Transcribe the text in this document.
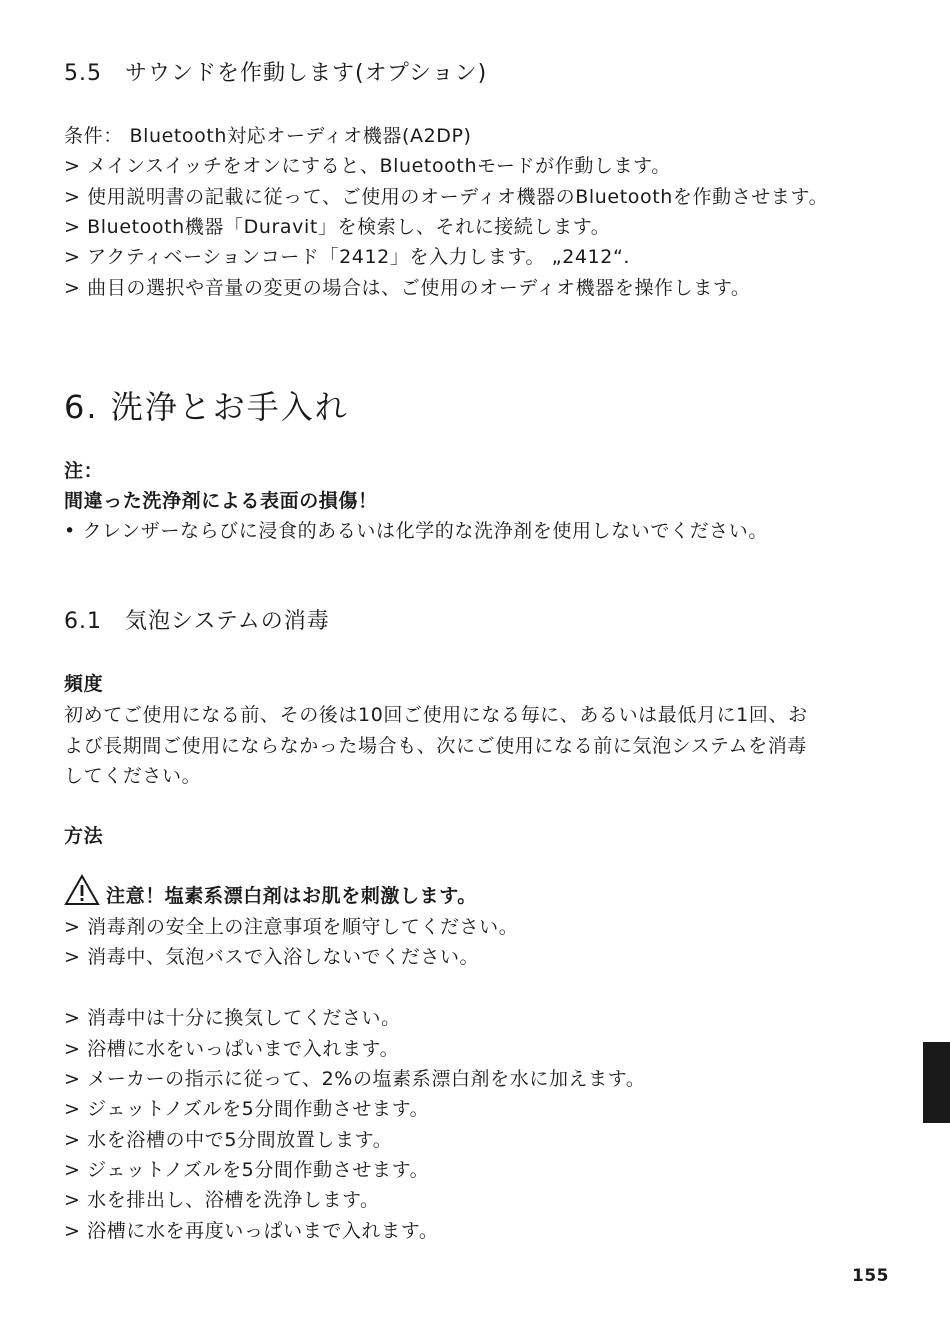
5.5　サウンドを作動します(オプション)
条件： Bluetooth対応オーディオ機器(A2DP)
> メインスイッチをオンにすると、Bluetoothモードが作動します。
> 使用説明書の記載に従って、ご使用のオーディオ機器のBluetoothを作動させます。
> Bluetooth機器「Duravit」を検索し、それに接続します。
> アクティベーションコード「2412」を入力します。 „2412“.
> 曲目の選択や音量の変更の場合は、ご使用のオーディオ機器を操作します。
6. 洗浄とお手入れ
注：
間違った洗浄剤による表面の損傷！
• クレンザーならびに浸食的あるいは化学的な洗浄剤を使用しないでください。
6.1　気泡システムの消毒
頻度
初めてご使用になる前、その後は10回ご使用になる毎に、あるいは最低月に1回、お
よび長期間ご使用にならなかった場合も、次にご使用になる前に気泡システムを消毒
してください。
方法
注意！塩素系漂白剤はお肌を刺激します。
> 消毒剤の安全上の注意事項を順守してください。
> 消毒中、気泡バスで入浴しないでください。
> 消毒中は十分に換気してください。
> 浴槽に水をいっぱいまで入れます。
> メーカーの指示に従って、2%の塩素系漂白剤を水に加えます。
> ジェットノズルを5分間作動させます。
> 水を浴槽の中で5分間放置します。
> ジェットノズルを5分間作動させます。
> 水を排出し、浴槽を洗浄します。
> 浴槽に水を再度いっぱいまで入れます。
155
